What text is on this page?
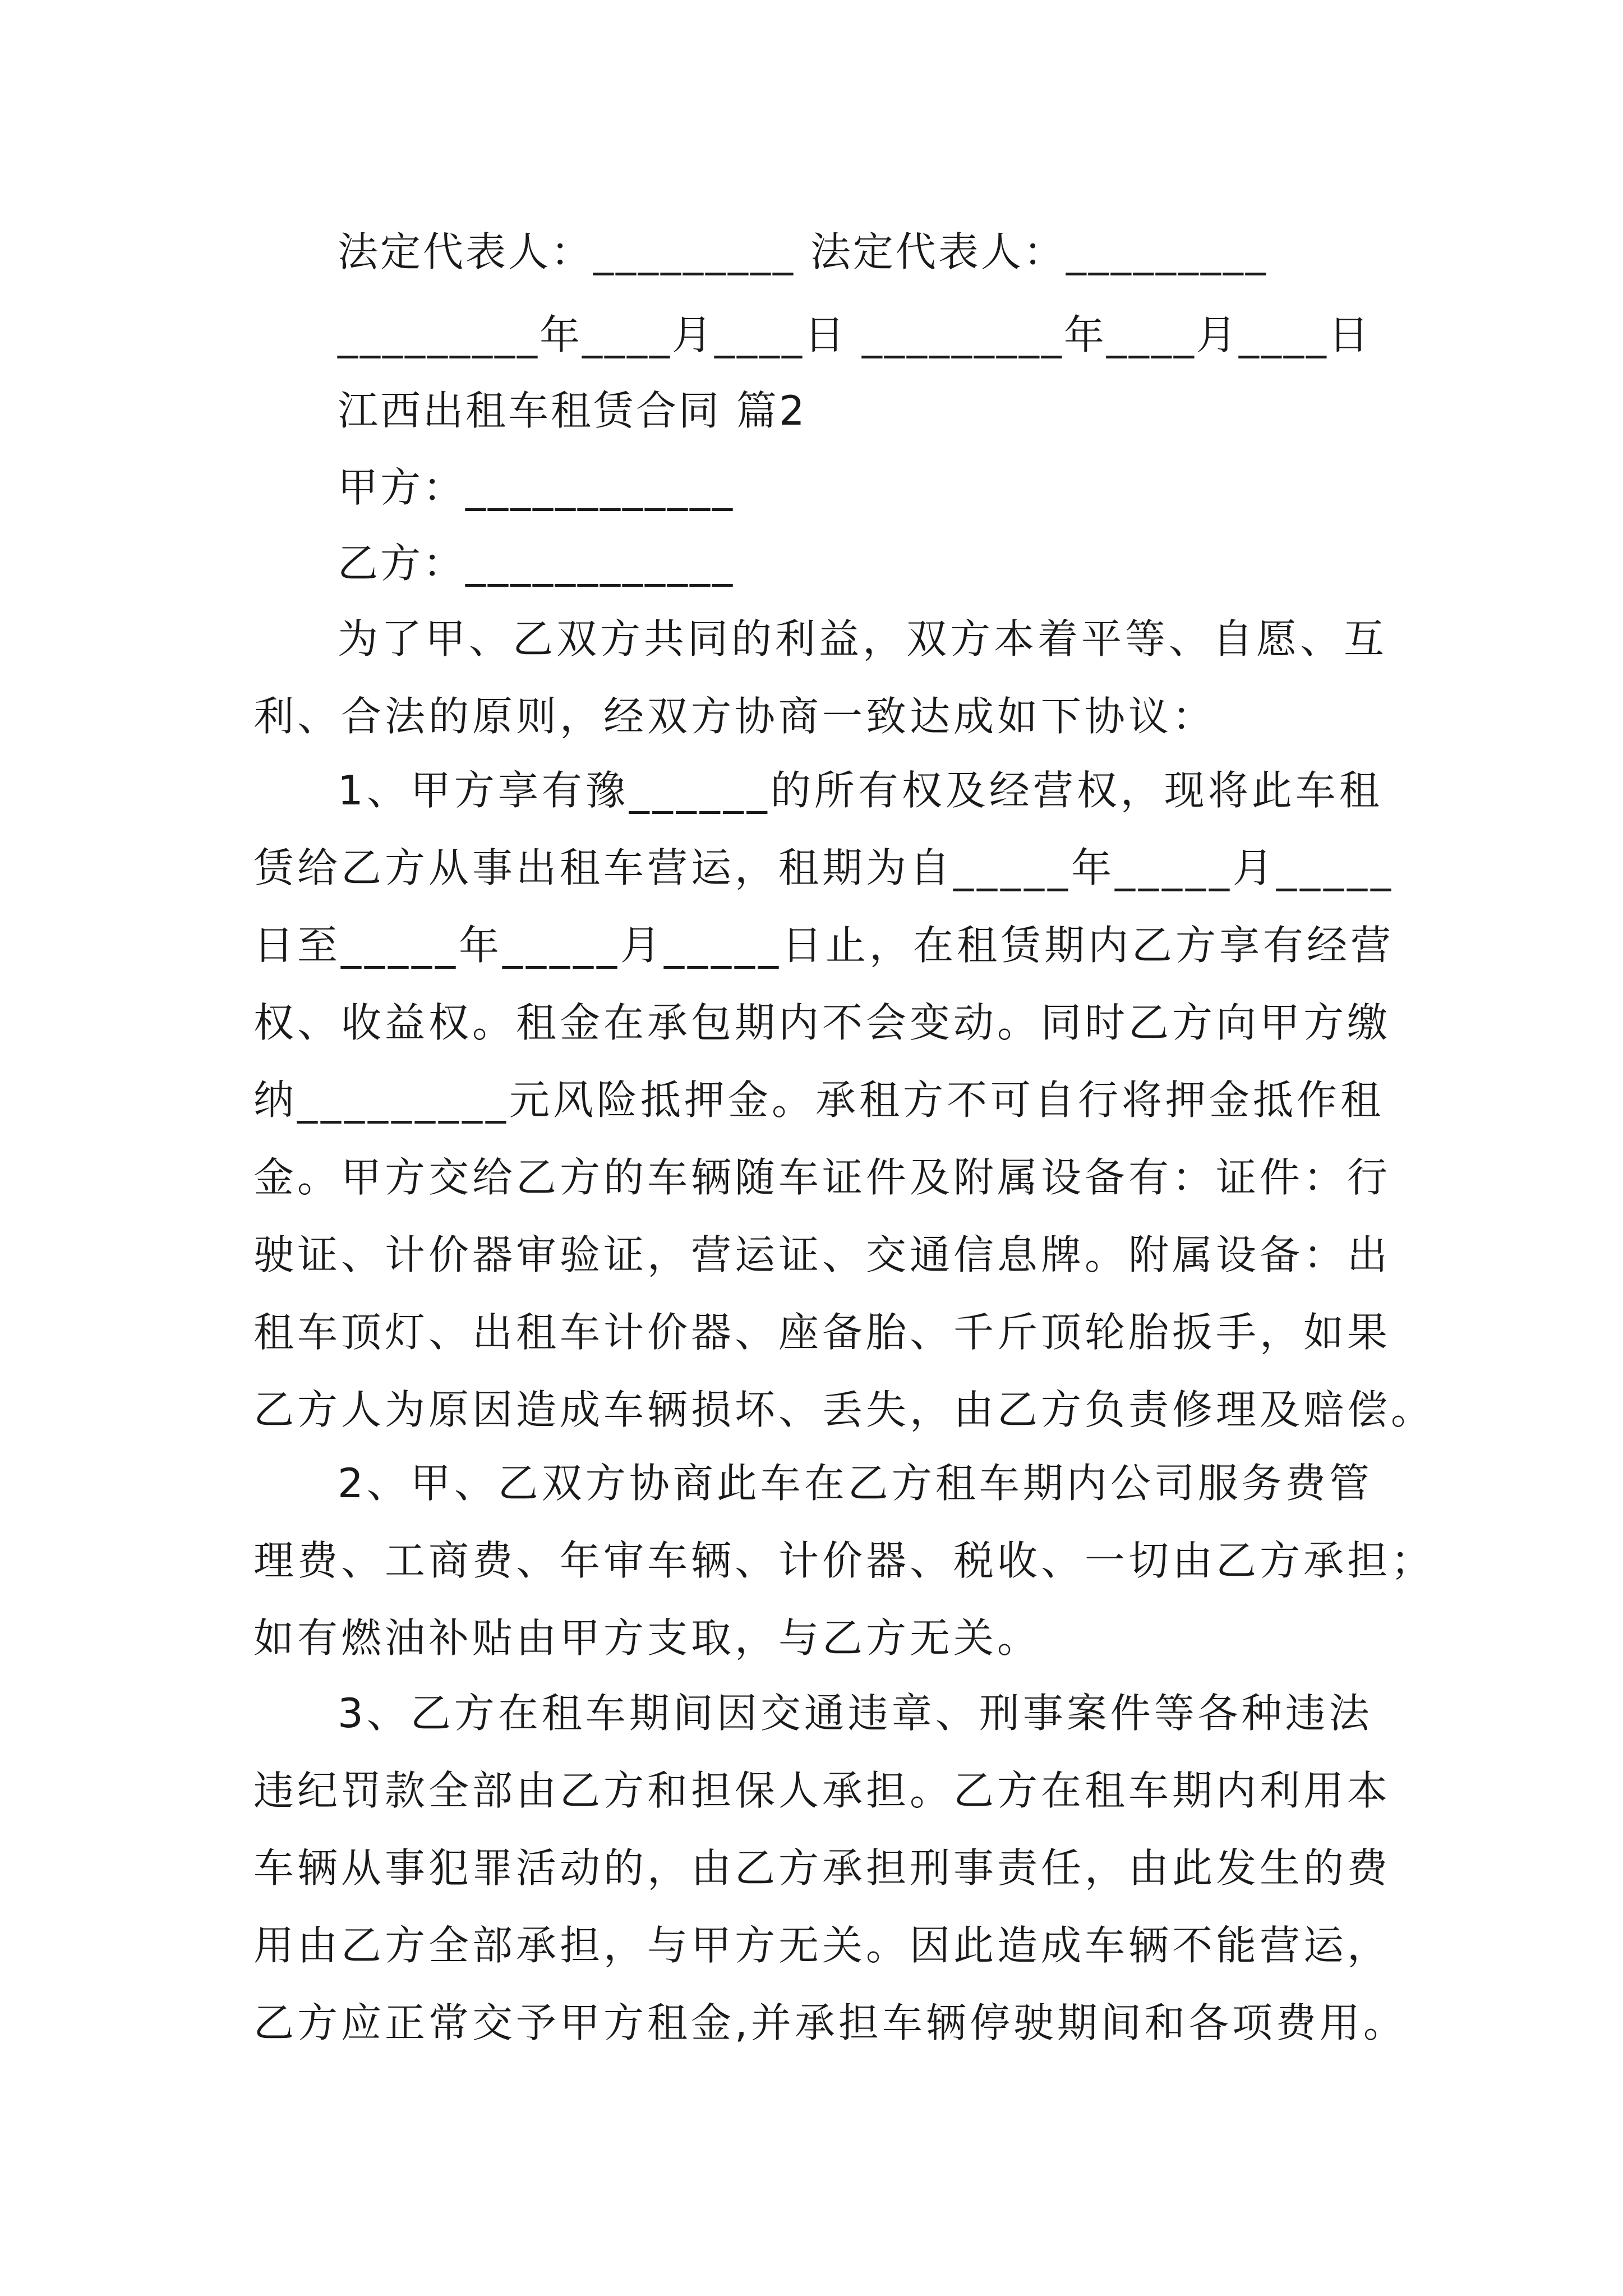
法定代表人：_________ 法定代表人：_________
_________年____月____日 _________年____月____日
江西出租车租赁合同 篇2
甲方：____________
乙方：____________
为了甲、乙双方共同的利益，双方本着平等、自愿、互
利、合法的原则，经双方协商一致达成如下协议：
1、甲方享有豫______的所有权及经营权，现将此车租
赁给乙方从事出租车营运，租期为自_____年_____月_____
日至_____年_____月_____日止，在租赁期内乙方享有经营
权、收益权。租金在承包期内不会变动。同时乙方向甲方缴
纳_________元风险抵押金。承租方不可自行将押金抵作租
金。甲方交给乙方的车辆随车证件及附属设备有：证件：行
驶证、计价器审验证，营运证、交通信息牌。附属设备：出
租车顶灯、出租车计价器、座备胎、千斤顶轮胎扳手，如果
乙方人为原因造成车辆损坏、丢失，由乙方负责修理及赔偿。
2、甲、乙双方协商此车在乙方租车期内公司服务费管
理费、工商费、年审车辆、计价器、税收、一切由乙方承担；
如有燃油补贴由甲方支取，与乙方无关。
3、乙方在租车期间因交通违章、刑事案件等各种违法
违纪罚款全部由乙方和担保人承担。乙方在租车期内利用本
车辆从事犯罪活动的，由乙方承担刑事责任，由此发生的费
用由乙方全部承担，与甲方无关。因此造成车辆不能营运，
乙方应正常交予甲方租金,并承担车辆停驶期间和各项费用。
